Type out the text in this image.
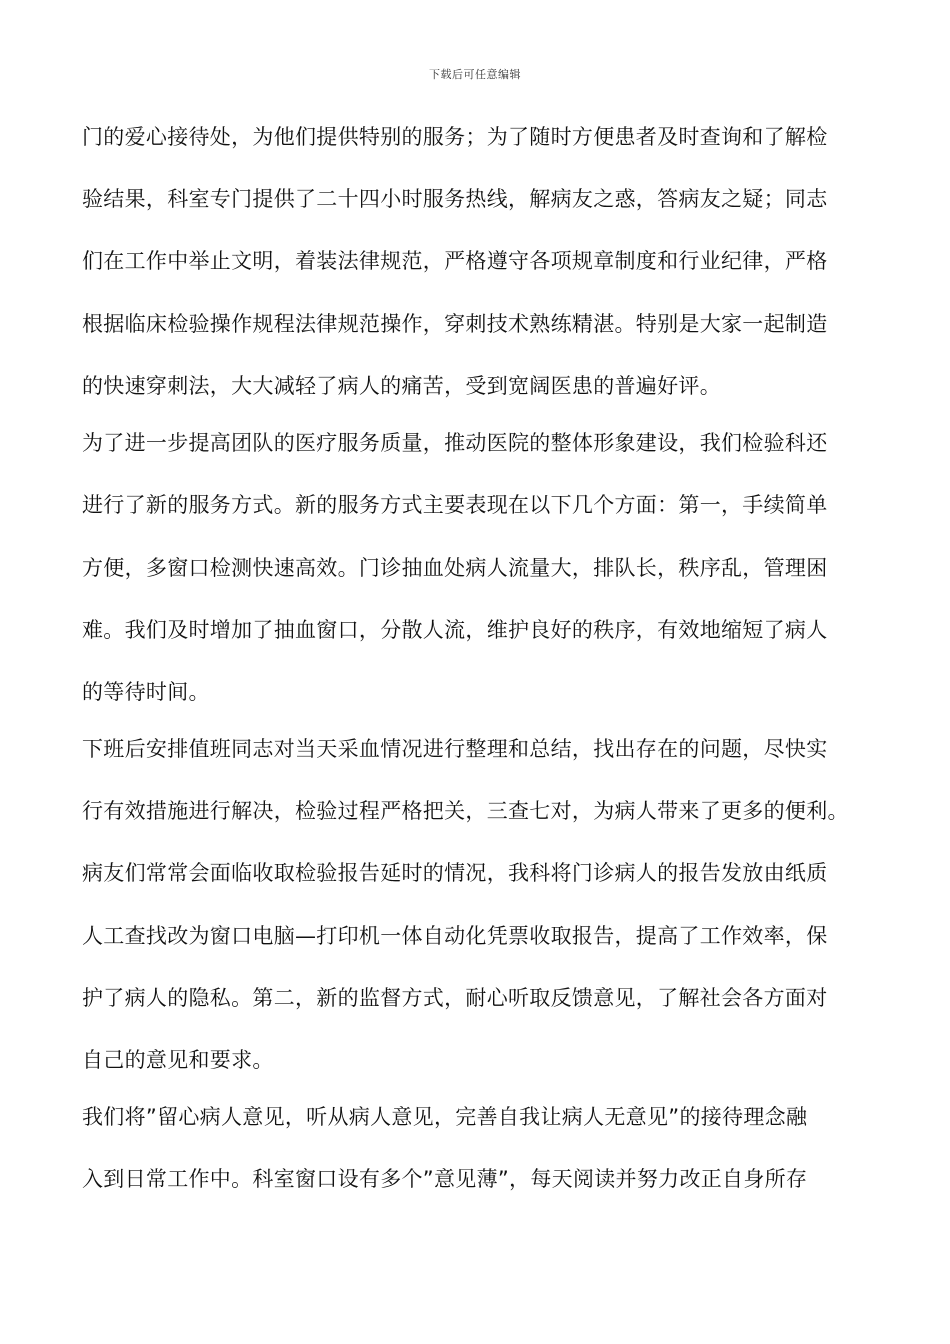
下载后可任意编辑
门的爱心接待处，为他们提供特别的服务；为了随时方便患者及时查询和了解检
验结果，科室专门提供了二十四小时服务热线，解病友之惑，答病友之疑；同志
们在工作中举止文明，着装法律规范，严格遵守各项规章制度和行业纪律，严格
根据临床检验操作规程法律规范操作，穿刺技术熟练精湛。特别是大家一起制造
的快速穿刺法，大大减轻了病人的痛苦，受到宽阔医患的普遍好评。
为了进一步提高团队的医疗服务质量，推动医院的整体形象建设，我们检验科还
进行了新的服务方式。新的服务方式主要表现在以下几个方面：第一，手续简单
方便，多窗口检测快速高效。门诊抽血处病人流量大，排队长，秩序乱，管理困
难。我们及时增加了抽血窗口，分散人流，维护良好的秩序，有效地缩短了病人
的等待时间。
下班后安排值班同志对当天采血情况进行整理和总结，找出存在的问题，尽快实
行有效措施进行解决，检验过程严格把关，三查七对，为病人带来了更多的便利。
病友们常常会面临收取检验报告延时的情况，我科将门诊病人的报告发放由纸质
人工查找改为窗口电脑—打印机一体自动化凭票收取报告，提高了工作效率，保
护了病人的隐私。第二，新的监督方式，耐心听取反馈意见，了解社会各方面对
自己的意见和要求。
我们将”留心病人意见，听从病人意见，完善自我让病人无意见”的接待理念融
入到日常工作中。科室窗口设有多个”意见薄”，每天阅读并努力改正自身所存
